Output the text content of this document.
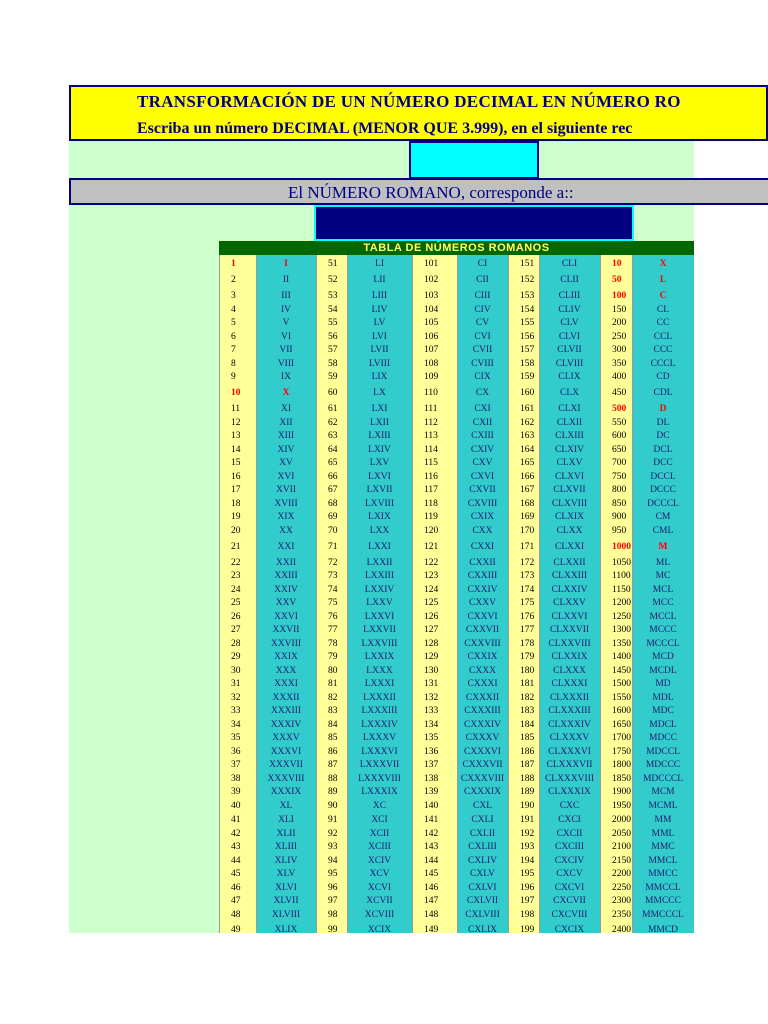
TRANSFORMACIÓN DE UN NÚMERO DECIMAL EN NÚMERO RO
Escriba un número DECIMAL (MENOR QUE 3.999), en el siguiente rec
El NÚMERO ROMANO, corresponde a::
TABLA DE NÚMEROS ROMANOS
1
2
3
4
5
6
7
8
9
10
11
12
13
14
15
16
17
18
19
20
21
22
23
24
25
26
27
28
29
30
31
32
33
34
35
36
37
38
39
40
41
42
43
44
45
46
47
48
49
I
II
III
IV
V
VI
VII
VIII
IX
X
XI
XII
XIII
XIV
XV
XVI
XVII
XVIII
XIX
XX
XXI
XXII
XXIII
XXIV
XXV
XXVI
XXVII
XXVIII
XXIX
XXX
XXXI
XXXII
XXXIII
XXXIV
XXXV
XXXVI
XXXVII
XXXVIII
XXXIX
XL
XLI
XLII
XLIII
XLIV
XLV
XLVI
XLVII
XLVIII
XLIX
51
52
53
54
55
56
57
58
59
60
61
62
63
64
65
66
67
68
69
70
71
72
73
74
75
76
77
78
79
80
81
82
83
84
85
86
87
88
89
90
91
92
93
94
95
96
97
98
99
LI
LII
LIII
LIV
LV
LVI
LVII
LVIII
LIX
LX
LXI
LXII
LXIII
LXIV
LXV
LXVI
LXVII
LXVIII
LXIX
LXX
LXXI
LXXII
LXXIII
LXXIV
LXXV
LXXVI
LXXVII
LXXVIII
LXXIX
LXXX
LXXXI
LXXXII
LXXXIII
LXXXIV
LXXXV
LXXXVI
LXXXVII
LXXXVIII
LXXXIX
XC
XCI
XCII
XCIII
XCIV
XCV
XCVI
XCVII
XCVIII
XCIX
101
102
103
104
105
106
107
108
109
110
111
112
113
114
115
116
117
118
119
120
121
122
123
124
125
126
127
128
129
130
131
132
133
134
135
136
137
138
139
140
141
142
143
144
145
146
147
148
149
CI
CII
CIII
CIV
CV
CVI
CVII
CVIII
CIX
CX
CXI
CXII
CXIII
CXIV
CXV
CXVI
CXVII
CXVIII
CXIX
CXX
CXXI
CXXII
CXXIII
CXXIV
CXXV
CXXVI
CXXVII
CXXVIII
CXXIX
CXXX
CXXXI
CXXXII
CXXXIII
CXXXIV
CXXXV
CXXXVI
CXXXVII
CXXXVIII
CXXXIX
CXL
CXLI
CXLII
CXLIII
CXLIV
CXLV
CXLVI
CXLVII
CXLVIII
CXLIX
151
152
153
154
155
156
157
158
159
160
161
162
163
164
165
166
167
168
169
170
171
172
173
174
175
176
177
178
179
180
181
182
183
184
185
186
187
188
189
190
191
192
193
194
195
196
197
198
199
CLI
CLII
CLIII
CLIV
CLV
CLVI
CLVII
CLVIII
CLIX
CLX
CLXI
CLXII
CLXIII
CLXIV
CLXV
CLXVI
CLXVII
CLXVIII
CLXIX
CLXX
CLXXI
CLXXII
CLXXIII
CLXXIV
CLXXV
CLXXVI
CLXXVII
CLXXVIII
CLXXIX
CLXXX
CLXXXI
CLXXXII
CLXXXIII
CLXXXIV
CLXXXV
CLXXXVI
CLXXXVII
CLXXXVIII
CLXXXIX
CXC
CXCI
CXCII
CXCIII
CXCIV
CXCV
CXCVI
CXCVII
CXCVIII
CXCIX
10
50
100
150
200
250
300
350
400
450
500
550
600
650
700
750
800
850
900
950
1000
1050
1100
1150
1200
1250
1300
1350
1400
1450
1500
1550
1600
1650
1700
1750
1800
1850
1900
1950
2000
2050
2100
2150
2200
2250
2300
2350
2400
X
L
C
CL
CC
CCL
CCC
CCCL
CD
CDL
D
DL
DC
DCL
DCC
DCCL
DCCC
DCCCL
CM
CML
M
ML
MC
MCL
MCC
MCCL
MCCC
MCCCL
MCD
MCDL
MD
MDL
MDC
MDCL
MDCC
MDCCL
MDCCC
MDCCCL
MCM
MCML
MM
MML
MMC
MMCL
MMCC
MMCCL
MMCCC
MMCCCL
MMCD
